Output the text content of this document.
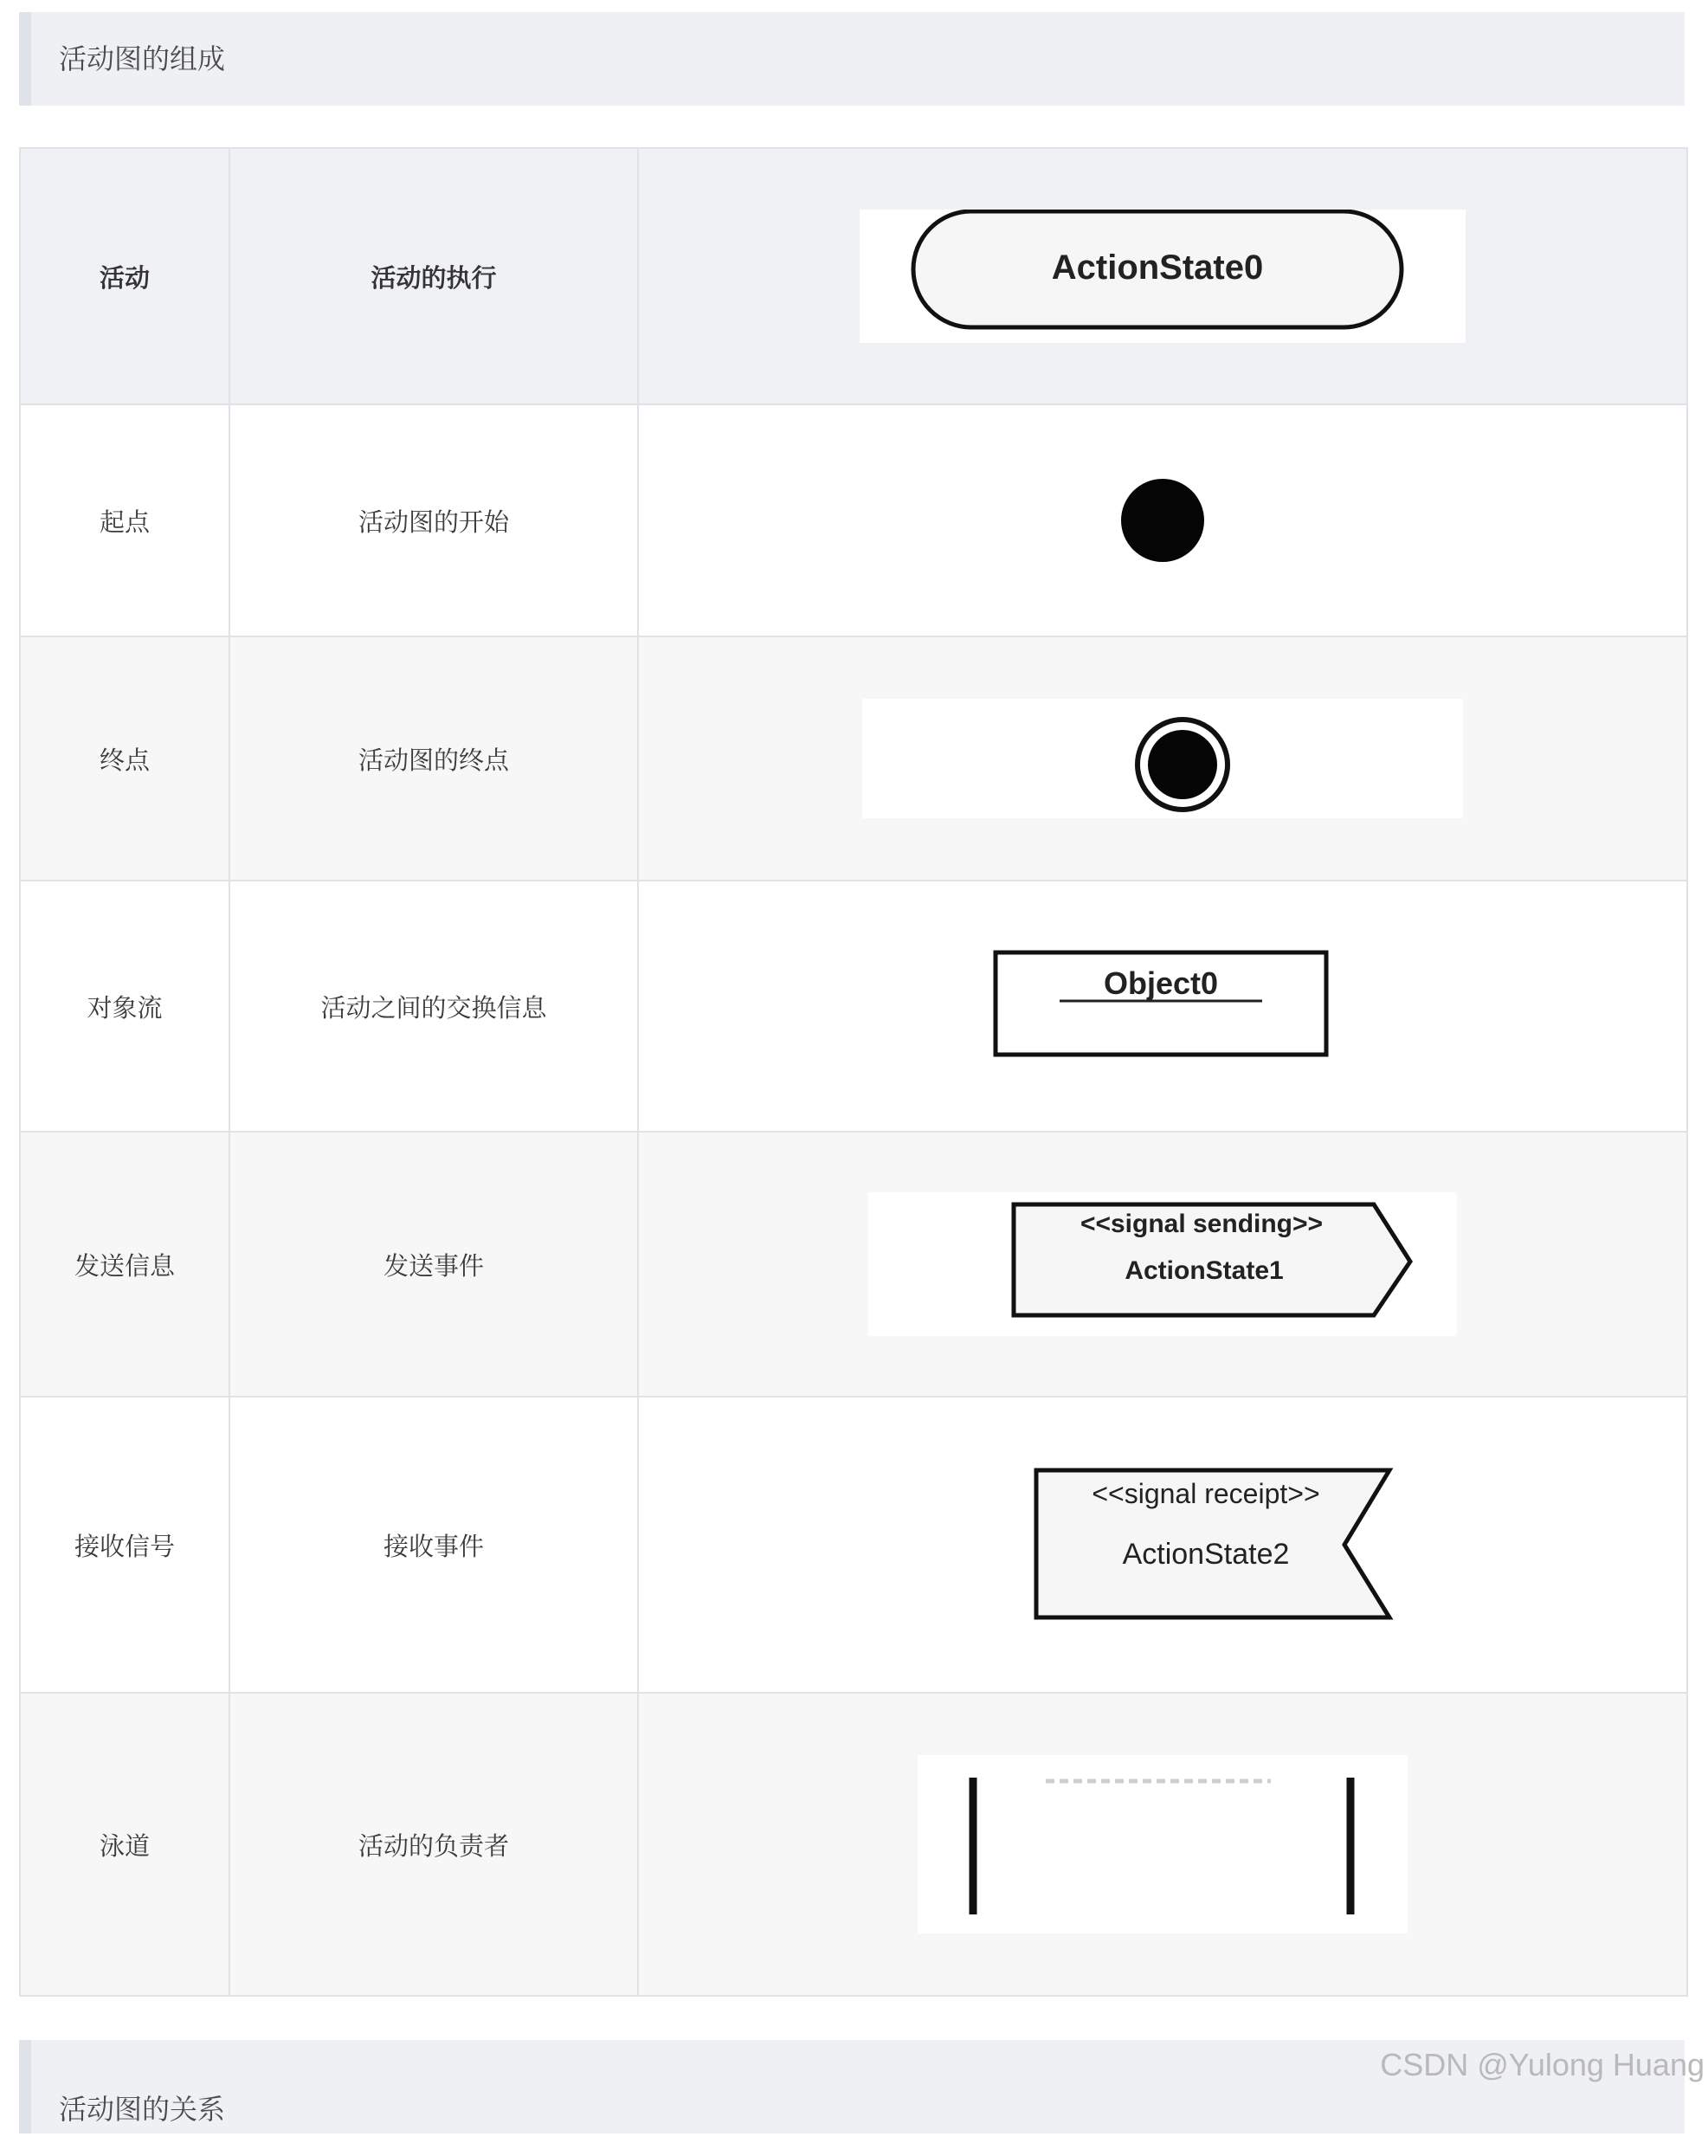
活动图的组成
活动	活动的执行	ActionState0

起点	活动图的开始	

终点	活动图的终点	

对象流	活动之间的交换信息	Object0

发送信息	发送事件	<<signal sending>>
ActionState1

接收信号	接收事件	<<signal receipt>>
ActionState2

泳道	活动的负责者	
活动图的关系
CSDN @Yulong Huang
